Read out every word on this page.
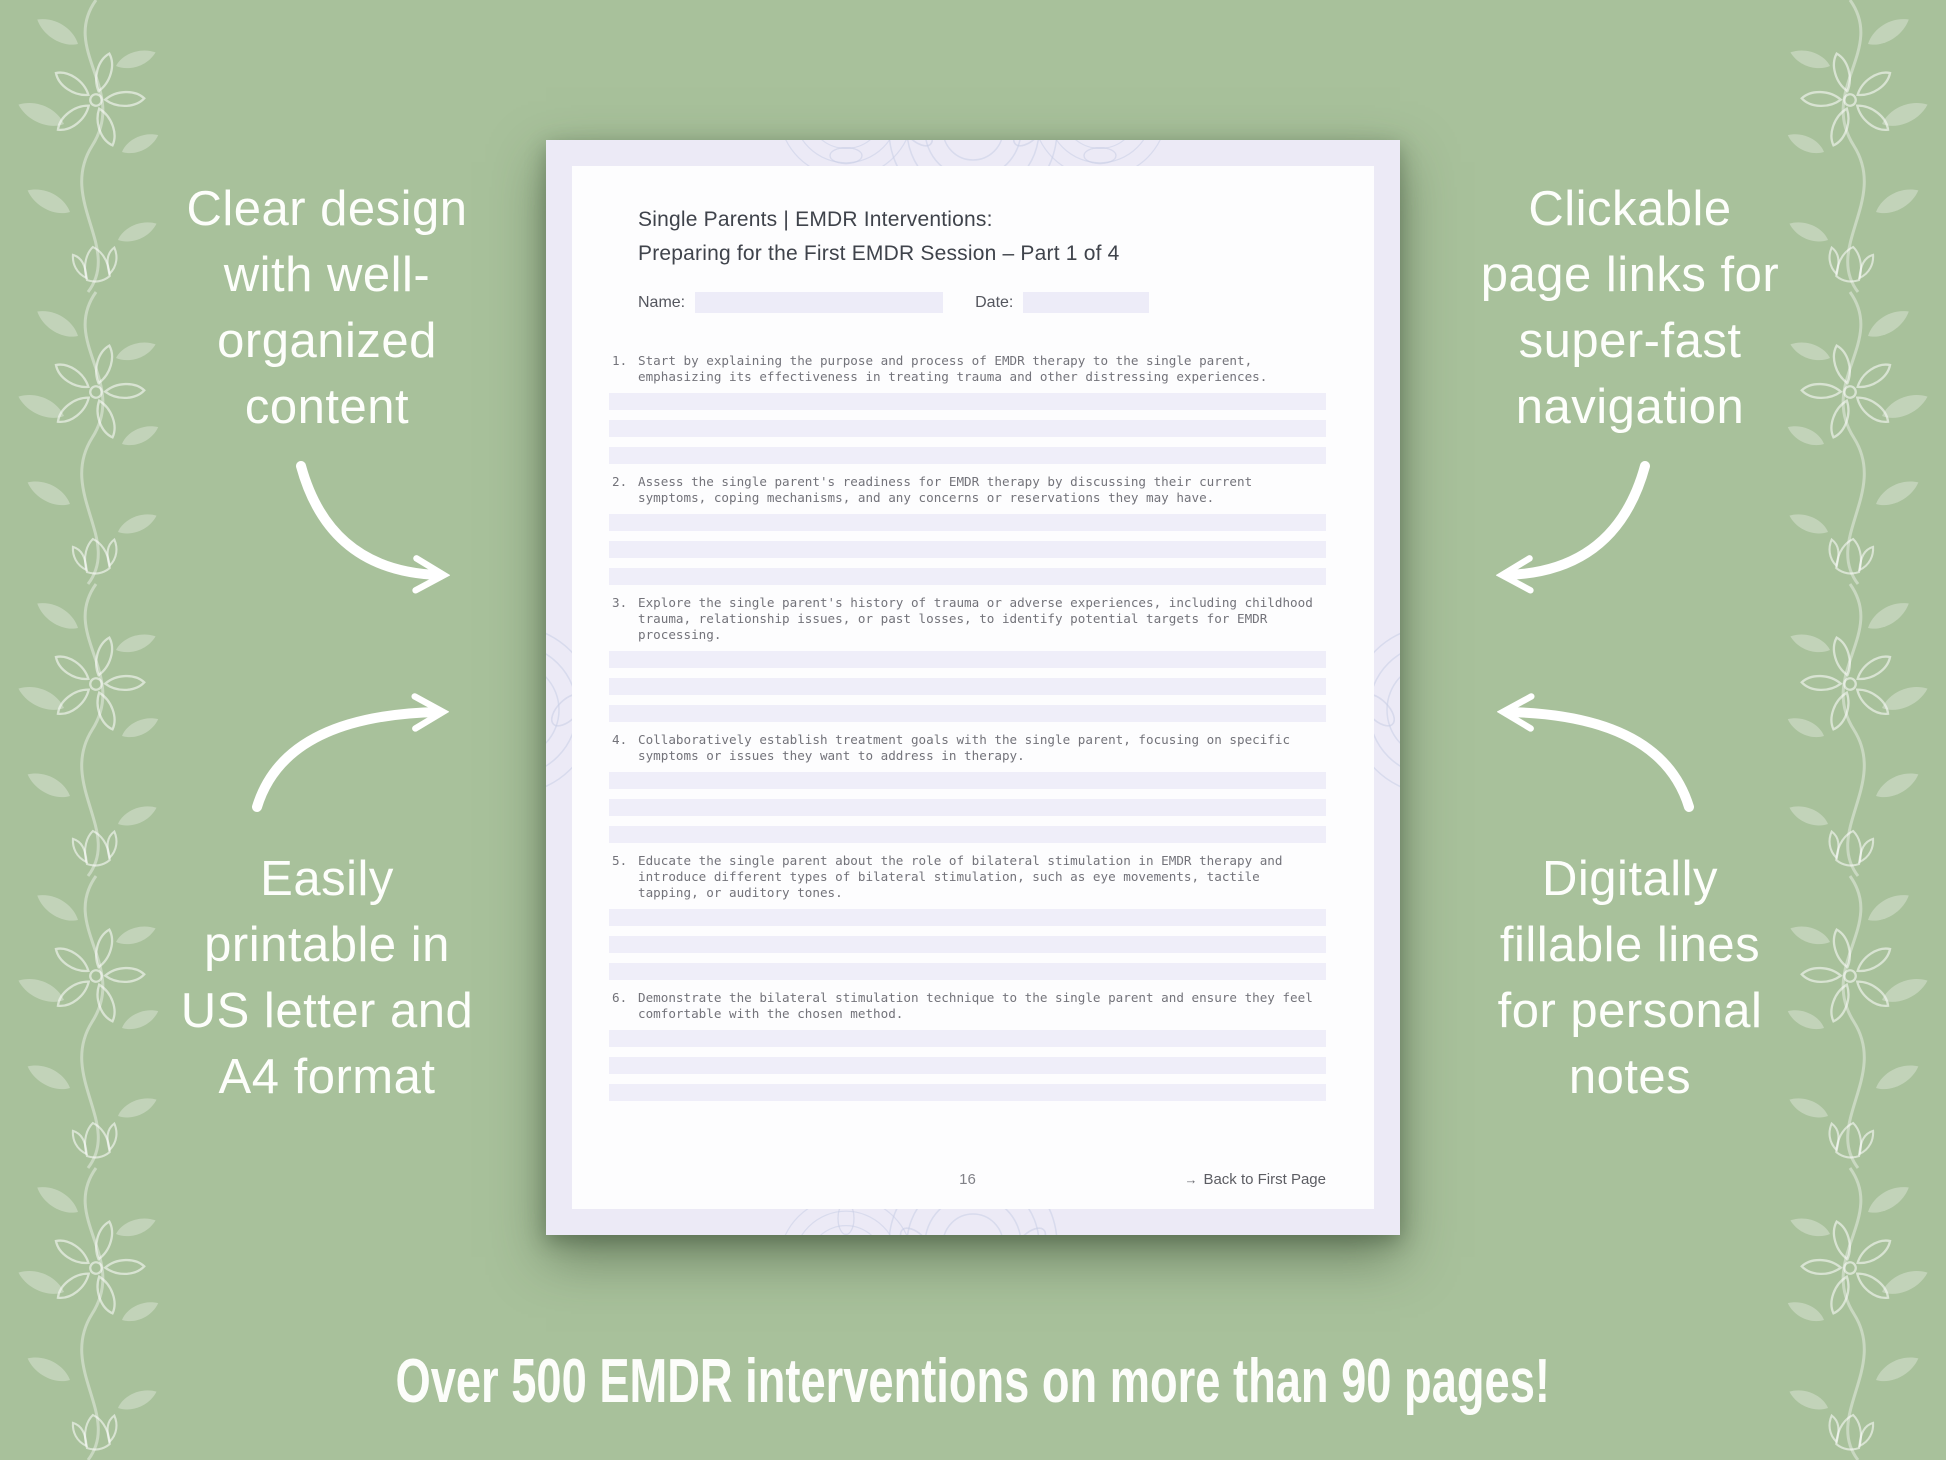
Clear design
with well-
organized
content
Clickable
page links for
super-fast
navigation
Easily
printable in
US letter and
A4 format
Digitally
fillable lines
for personal
notes
Single Parents | EMDR Interventions:
Preparing for the First EMDR Session – Part 1 of 4
Name:	Date:
1. Start by explaining the purpose and process of EMDR therapy to the single parent, emphasizing its effectiveness in treating trauma and other distressing experiences.
2. Assess the single parent's readiness for EMDR therapy by discussing their current symptoms, coping mechanisms, and any concerns or reservations they may have.
3. Explore the single parent's history of trauma or adverse experiences, including childhood trauma, relationship issues, or past losses, to identify potential targets for EMDR processing.
4. Collaboratively establish treatment goals with the single parent, focusing on specific symptoms or issues they want to address in therapy.
5. Educate the single parent about the role of bilateral stimulation in EMDR therapy and introduce different types of bilateral stimulation, such as eye movements, tactile tapping, or auditory tones.
6. Demonstrate the bilateral stimulation technique to the single parent and ensure they feel comfortable with the chosen method.
16	→ Back to First Page
Over 500 EMDR interventions on more than 90 pages!
